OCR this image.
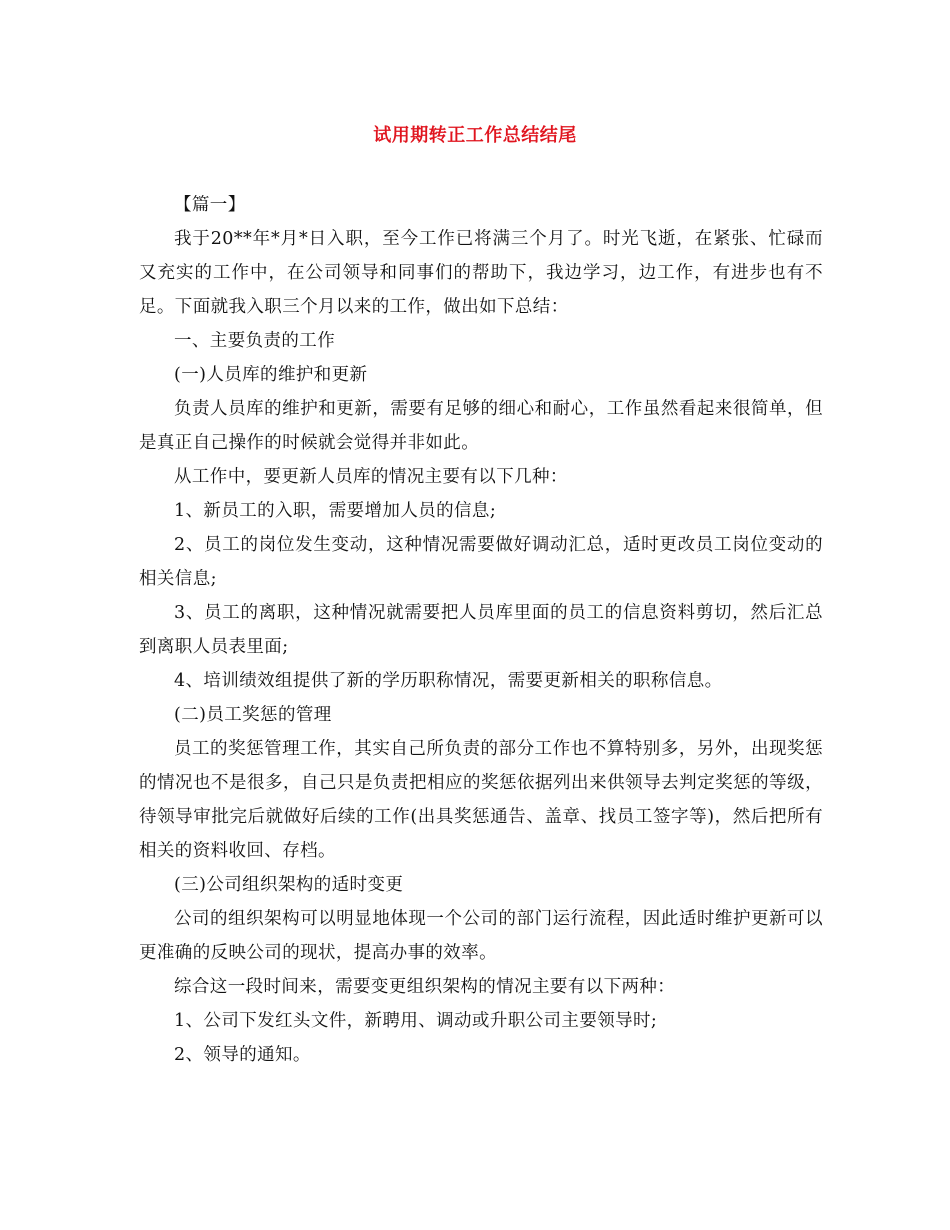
试用期转正工作总结结尾

【篇一】

我于20**年*月*日入职，至今工作已将满三个月了。时光飞逝，在紧张、忙碌而又充实的工作中，在公司领导和同事们的帮助下，我边学习，边工作，有进步也有不足。下面就我入职三个月以来的工作，做出如下总结：

一、主要负责的工作

(一)人员库的维护和更新

负责人员库的维护和更新，需要有足够的细心和耐心，工作虽然看起来很简单，但是真正自己操作的时候就会觉得并非如此。

从工作中，要更新人员库的情况主要有以下几种：

1、新员工的入职，需要增加人员的信息;

2、员工的岗位发生变动，这种情况需要做好调动汇总，适时更改员工岗位变动的相关信息;

3、员工的离职，这种情况就需要把人员库里面的员工的信息资料剪切，然后汇总到离职人员表里面;

4、培训绩效组提供了新的学历职称情况，需要更新相关的职称信息。

(二)员工奖惩的管理

员工的奖惩管理工作，其实自己所负责的部分工作也不算特别多，另外，出现奖惩的情况也不是很多，自己只是负责把相应的奖惩依据列出来供领导去判定奖惩的等级，待领导审批完后就做好后续的工作(出具奖惩通告、盖章、找员工签字等)，然后把所有相关的资料收回、存档。

(三)公司组织架构的适时变更

公司的组织架构可以明显地体现一个公司的部门运行流程，因此适时维护更新可以更准确的反映公司的现状，提高办事的效率。

综合这一段时间来，需要变更组织架构的情况主要有以下两种：

1、公司下发红头文件，新聘用、调动或升职公司主要领导时;

2、领导的通知。
